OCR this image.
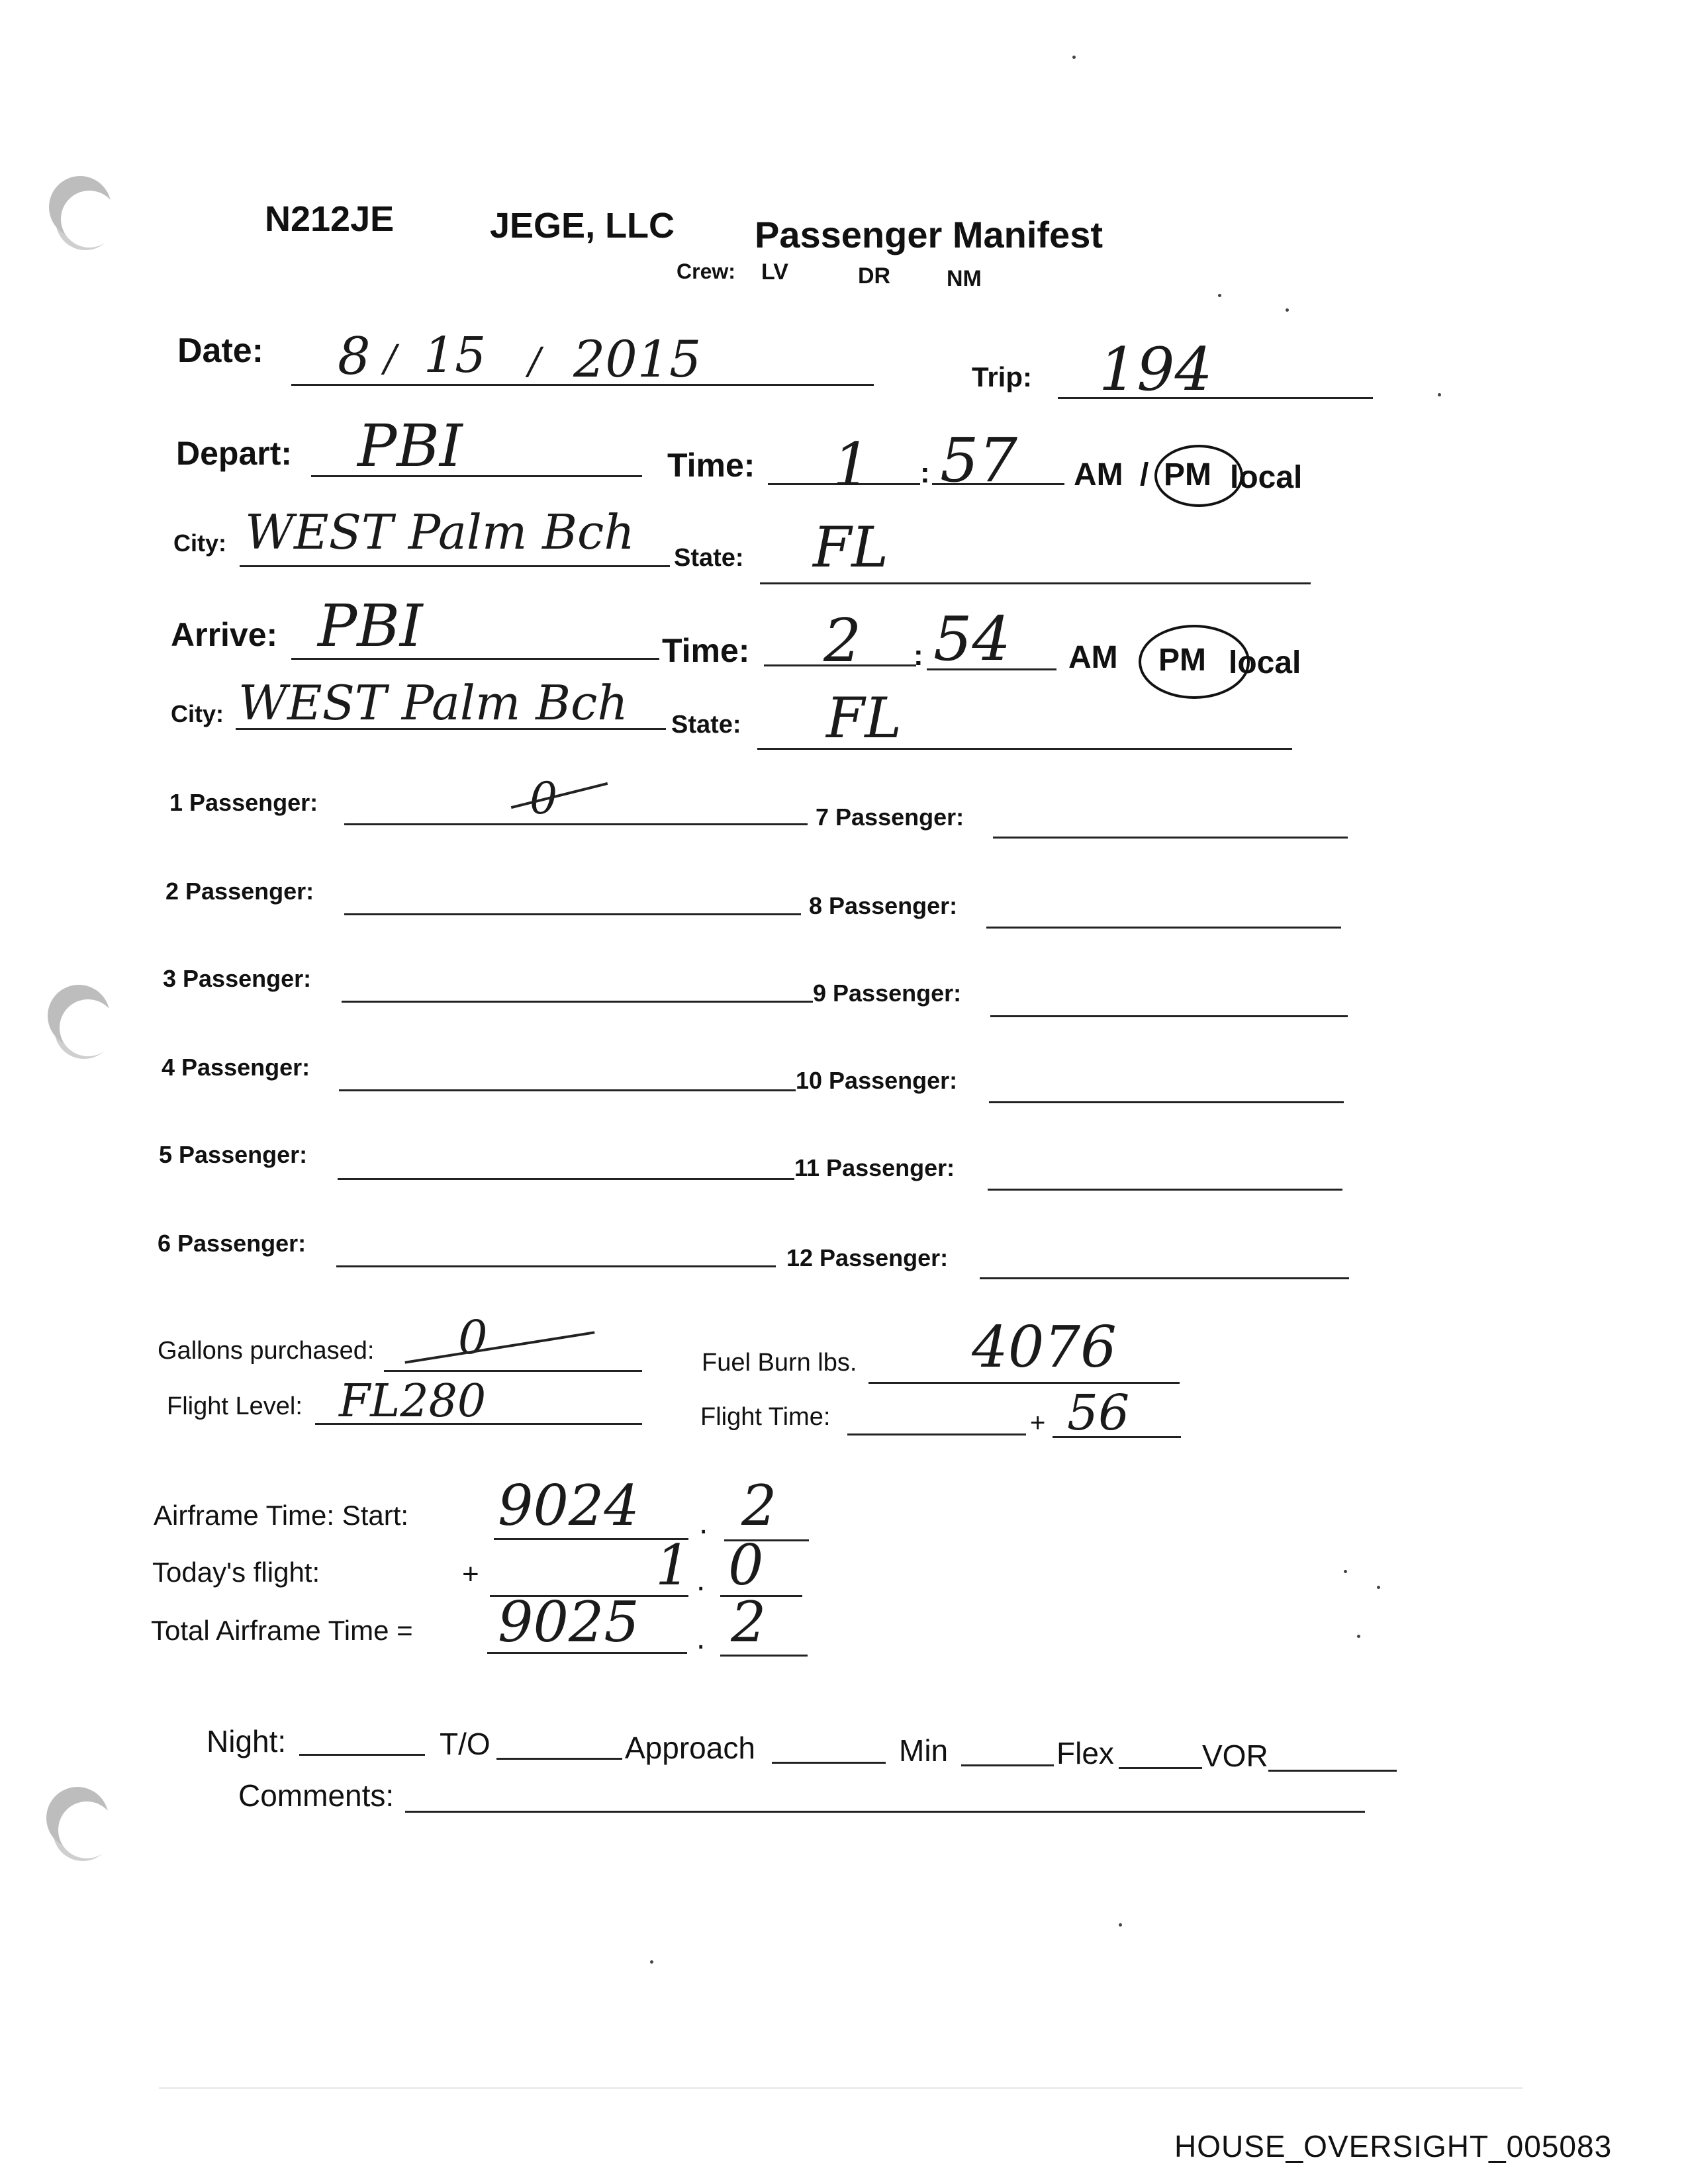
N212JE	JEGE, LLC Passenger Manifest
Crew: LV	DR NM
Date: 8 / 15 / 2015	Trip: 194
Depart: PBI	Time: 1 : 57 AM / PM local
City: WEST Palm Bch State: FL
Arrive: PBI	Time: 2 : 54 AM PM local
City: WEST Palm Bch State: FL
1 Passenger:	0
2 Passenger:
3 Passenger:
4 Passenger:
5 Passenger:
6 Passenger:
7 Passenger:
8 Passenger:
9 Passenger:
10 Passenger:
11 Passenger:
12 Passenger:
Gallons purchased: 0	Fuel Burn lbs. 4076
Flight Level: FL280	Flight Time:	+ 56
Airframe Time: Start: 9024 . 2
Today's flight:	+	1 . 0
Total Airframe Time = 9025 . 2
Night:	T/O	Approach	Min	Flex	VOR
Comments:
HOUSE_OVERSIGHT_005083
